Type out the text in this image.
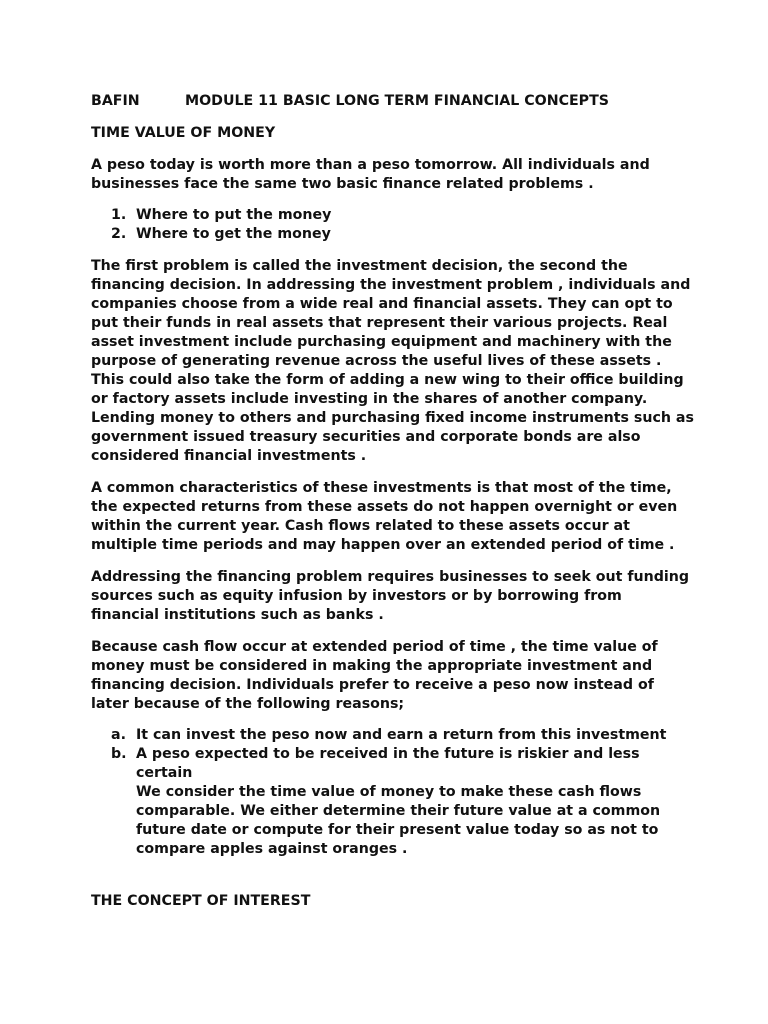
BAFIN	MODULE 11 BASIC LONG TERM FINANCIAL CONCEPTS

TIME VALUE OF MONEY

A peso today is worth more than a peso tomorrow. All individuals and
businesses face the same two basic finance related problems .

1. Where to put the money
2. Where to get the money

The first problem is called the investment decision, the second the
financing decision. In addressing the investment problem , individuals and
companies choose from a wide real and financial assets. They can opt to
put their funds in real assets that represent their various projects. Real
asset investment include purchasing equipment and machinery with the
purpose of generating revenue across the useful lives of these assets .
This could also take the form of adding a new wing to their office building
or factory assets include investing in the shares of another company.
Lending money to others and purchasing fixed income instruments such as
government issued treasury securities and corporate bonds are also
considered financial investments .

A common characteristics of these investments is that most of the time,
the expected returns from these assets do not happen overnight or even
within the current year. Cash flows related to these assets occur at
multiple time periods and may happen over an extended period of time .

Addressing the financing problem requires businesses to seek out funding
sources such as equity infusion by investors or by borrowing from
financial institutions such as banks .

Because cash flow occur at extended period of time , the time value of
money must be considered in making the appropriate investment and
financing decision. Individuals prefer to receive a peso now instead of
later because of the following reasons;

a. It can invest the peso now and earn a return from this investment
b. A peso expected to be received in the future is riskier and less
certain

We consider the time value of money to make these cash flows
comparable. We either determine their future value at a common
future date or compute for their present value today so as not to
compare apples against oranges .

THE CONCEPT OF INTEREST
